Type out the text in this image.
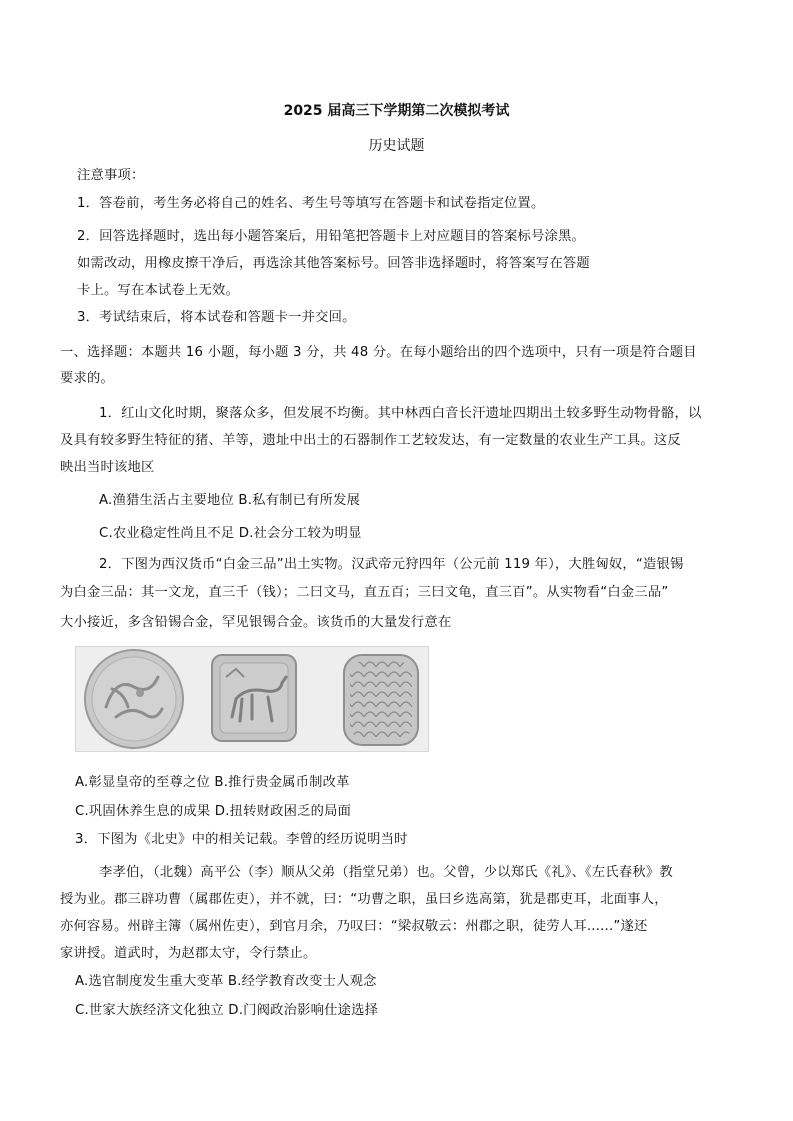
2025 届高三下学期第二次模拟考试
历史试题
注意事项：
1．答卷前，考生务必将自己的姓名、考生号等填写在答题卡和试卷指定位置。
2．回答选择题时，选出每小题答案后，用铅笔把答题卡上对应题目的答案标号涂黑。
如需改动，用橡皮擦干净后，再选涂其他答案标号。回答非选择题时，将答案写在答题
卡上。写在本试卷上无效。
3．考试结束后，将本试卷和答题卡一并交回。
一、选择题：本题共 16 小题，每小题 3 分，共 48 分。在每小题给出的四个选项中，只有一项是符合题目
要求的。
1．红山文化时期，聚落众多，但发展不均衡。其中林西白音长汗遗址四期出土较多野生动物骨骼，以
及具有较多野生特征的猪、羊等，遗址中出土的石器制作工艺较发达，有一定数量的农业生产工具。这反
映出当时该地区
A.渔猎生活占主要地位 B.私有制已有所发展
C.农业稳定性尚且不足 D.社会分工较为明显
2．下图为西汉货币“白金三品”出土实物。汉武帝元狩四年（公元前 119 年），大胜匈奴，“造银锡
为白金三品：其一文龙，直三千（钱）；二曰文马，直五百；三曰文龟，直三百”。从实物看“白金三品”
大小接近，多含铅锡合金，罕见银锡合金。该货币的大量发行意在
A.彰显皇帝的至尊之位 B.推行贵金属币制改革
C.巩固休养生息的成果 D.扭转财政困乏的局面
3．下图为《北史》中的相关记载。李曾的经历说明当时
李孝伯，（北魏）高平公（李）顺从父弟（指堂兄弟）也。父曾，少以郑氏《礼》、《左氏春秋》教
授为业。郡三辟功曹（属郡佐吏），并不就，曰：“功曹之职，虽曰乡选高第，犹是郡吏耳，北面事人，
亦何容易。州辟主簿（属州佐吏），到官月余，乃叹曰：“梁叔敬云：州郡之职，徒劳人耳......”遂还
家讲授。道武时，为赵郡太守，令行禁止。
A.选官制度发生重大变革 B.经学教育改变士人观念
C.世家大族经济文化独立 D.门阀政治影响仕途选择
